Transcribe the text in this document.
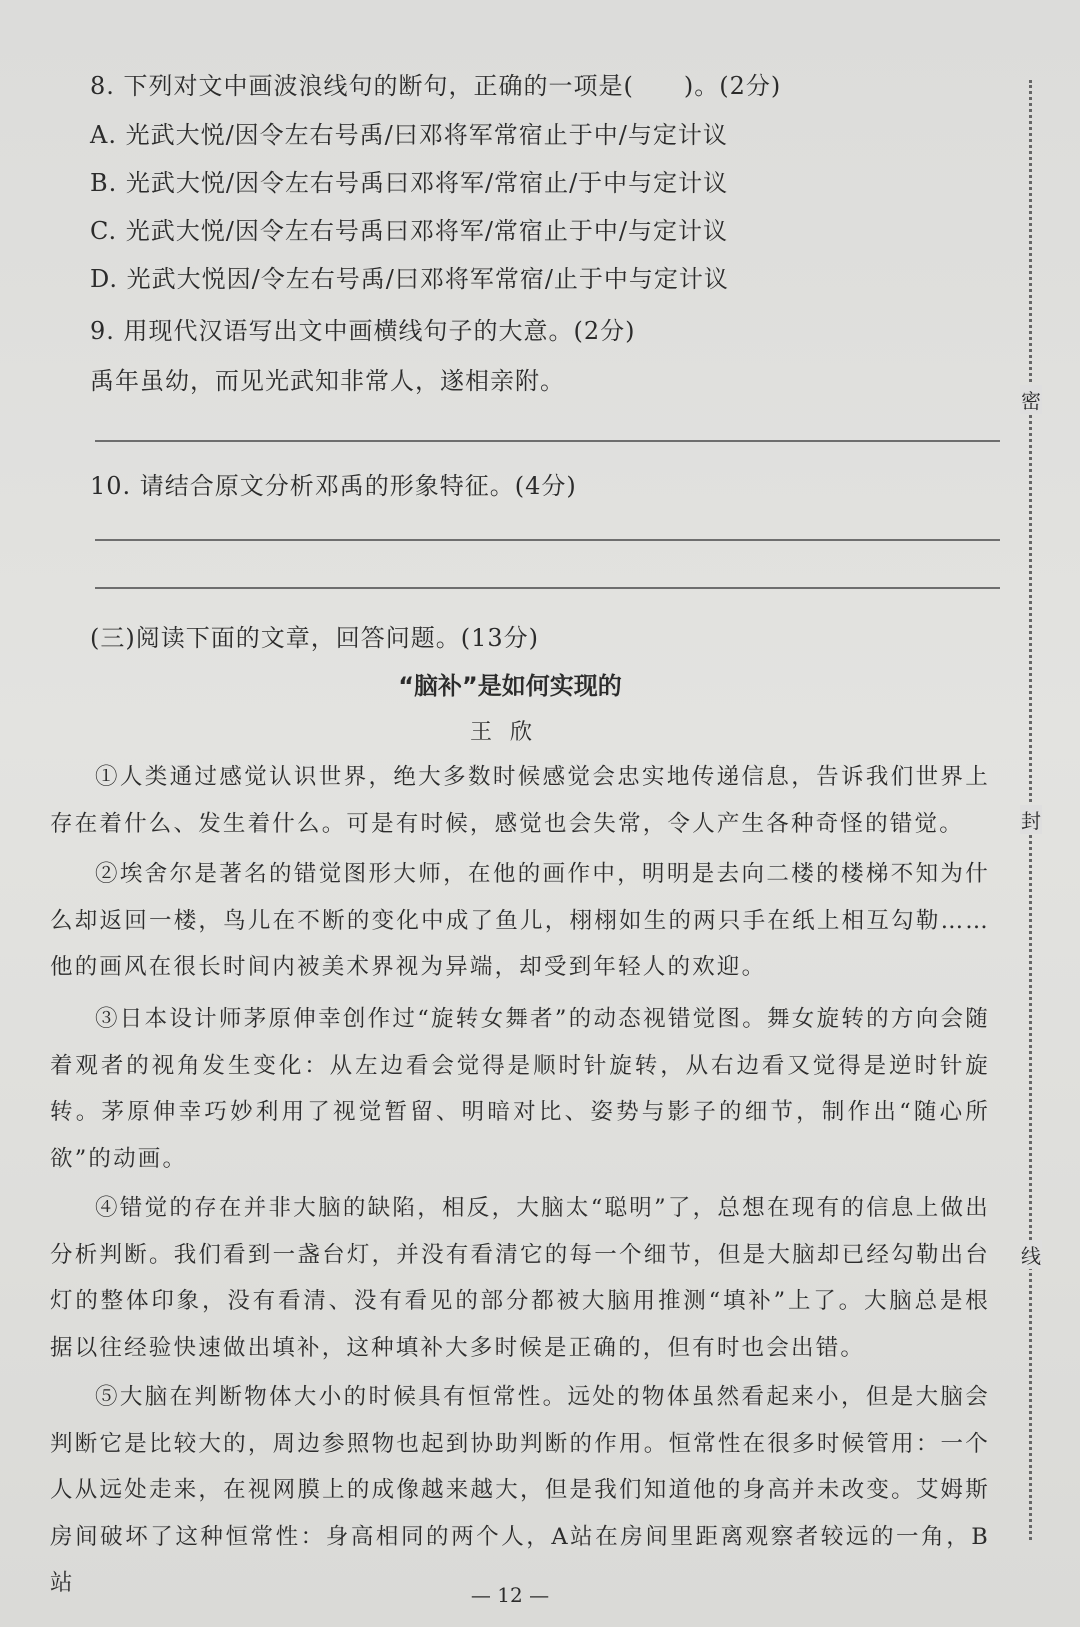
8. 下列对文中画波浪线句的断句，正确的一项是(　　)。(2分)
A. 光武大悦/因令左右号禹/曰邓将军常宿止于中/与定计议
B. 光武大悦/因令左右号禹曰邓将军/常宿止/于中与定计议
C. 光武大悦/因令左右号禹曰邓将军/常宿止于中/与定计议
D. 光武大悦因/令左右号禹/曰邓将军常宿/止于中与定计议
9. 用现代汉语写出文中画横线句子的大意。(2分)
禹年虽幼，而见光武知非常人，遂相亲附。
10. 请结合原文分析邓禹的形象特征。(4分)
(三)阅读下面的文章，回答问题。(13分)
“脑补”是如何实现的
王欣
①人类通过感觉认识世界，绝大多数时候感觉会忠实地传递信息，告诉我们世界上存在着什么、发生着什么。可是有时候，感觉也会失常，令人产生各种奇怪的错觉。
②埃舍尔是著名的错觉图形大师，在他的画作中，明明是去向二楼的楼梯不知为什么却返回一楼，鸟儿在不断的变化中成了鱼儿，栩栩如生的两只手在纸上相互勾勒……他的画风在很长时间内被美术界视为异端，却受到年轻人的欢迎。
③日本设计师茅原伸幸创作过“旋转女舞者”的动态视错觉图。舞女旋转的方向会随着观者的视角发生变化：从左边看会觉得是顺时针旋转，从右边看又觉得是逆时针旋转。茅原伸幸巧妙利用了视觉暂留、明暗对比、姿势与影子的细节，制作出“随心所欲”的动画。
④错觉的存在并非大脑的缺陷，相反，大脑太“聪明”了，总想在现有的信息上做出分析判断。我们看到一盏台灯，并没有看清它的每一个细节，但是大脑却已经勾勒出台灯的整体印象，没有看清、没有看见的部分都被大脑用推测“填补”上了。大脑总是根据以往经验快速做出填补，这种填补大多时候是正确的，但有时也会出错。
⑤大脑在判断物体大小的时候具有恒常性。远处的物体虽然看起来小，但是大脑会判断它是比较大的，周边参照物也起到协助判断的作用。恒常性在很多时候管用：一个人从远处走来，在视网膜上的成像越来越大，但是我们知道他的身高并未改变。艾姆斯房间破坏了这种恒常性：身高相同的两个人，A站在房间里距离观察者较远的一角，B站	— 12 —
密
封
线
